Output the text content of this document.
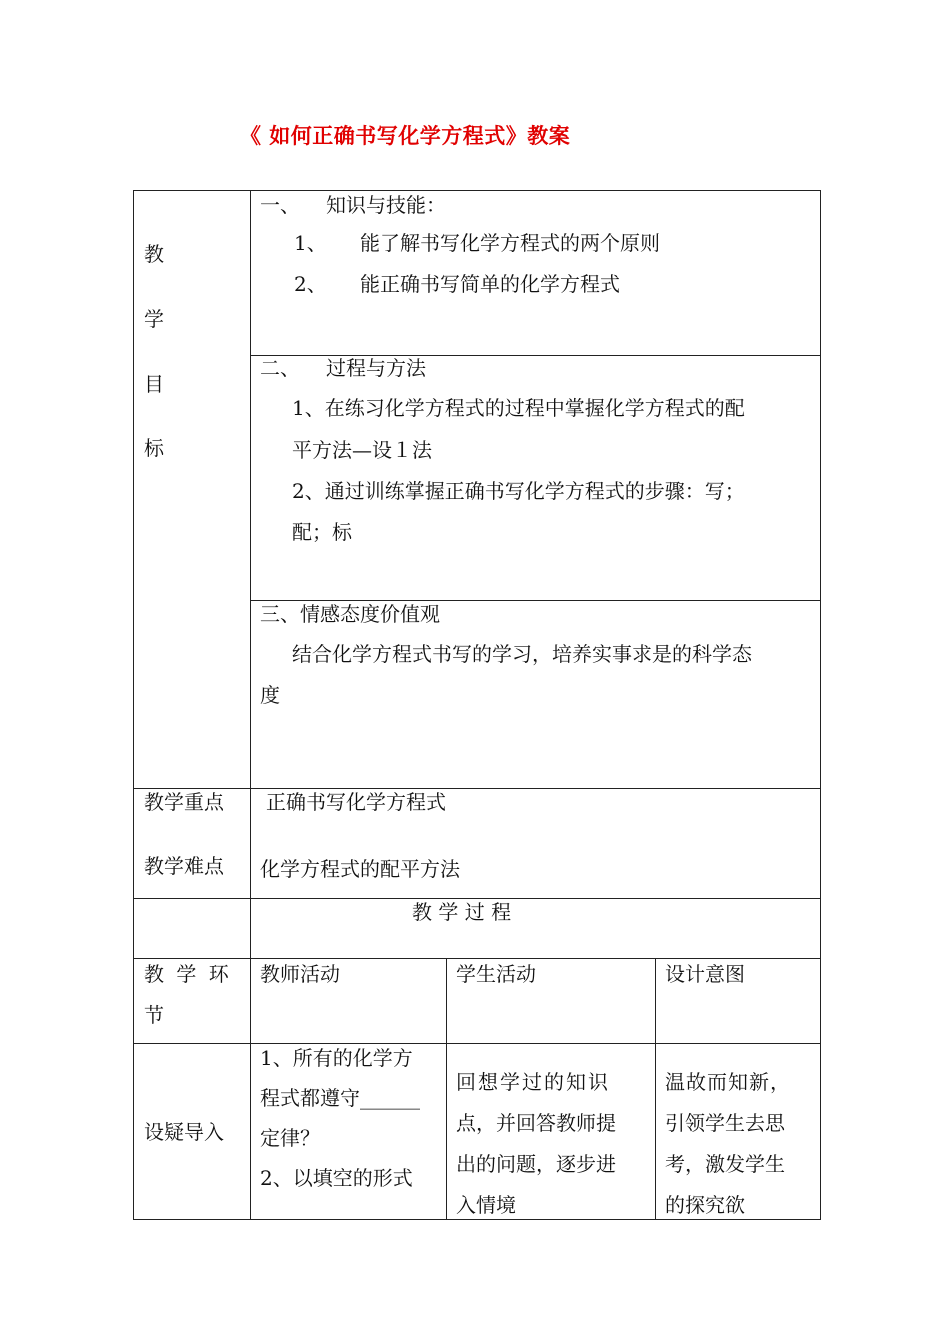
《 如何正确书写化学方程式》教案
教
学
目
标
一、 知识与技能：
1、 能了解书写化学方程式的两个原则
2、 能正确书写简单的化学方程式
二、 过程与方法
1、在练习化学方程式的过程中掌握化学方程式的配
平方法—设１法
2、通过训练掌握正确书写化学方程式的步骤：写；
配；标
三、情感态度价值观
结合化学方程式书写的学习，培养实事求是的科学态
度
教学重点 正确书写化学方程式
教学难点 化学方程式的配平方法
教 学 过 程
教 学 环
节
教师活动	学生活动	设计意图
设疑导入
1、所有的化学方
程式都遵守______
定律？
2、以填空的形式
回想学过的知识
点，并回答教师提
出的问题，逐步进
入情境
温故而知新，
引领学生去思
考，激发学生
的探究欲
